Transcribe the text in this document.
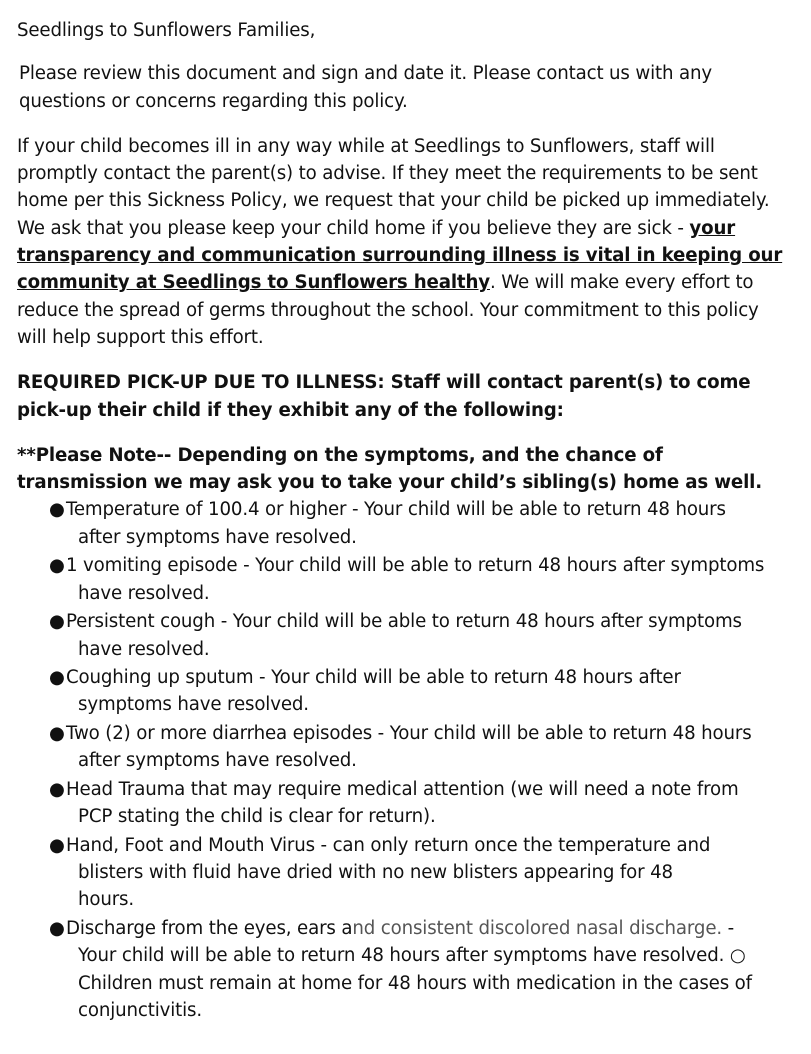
Seedlings to Sunflowers Families,

Please review this document and sign and date it. Please contact us with any questions or concerns regarding this policy.

If your child becomes ill in any way while at Seedlings to Sunflowers, staff will promptly contact the parent(s) to advise. If they meet the requirements to be sent home per this Sickness Policy, we request that your child be picked up immediately. We ask that you please keep your child home if you believe they are sick - your transparency and communication surrounding illness is vital in keeping our community at Seedlings to Sunflowers healthy. We will make every effort to reduce the spread of germs throughout the school. Your commitment to this policy will help support this effort.

REQUIRED PICK-UP DUE TO ILLNESS: Staff will contact parent(s) to come pick-up their child if they exhibit any of the following:

**Please Note-- Depending on the symptoms, and the chance of transmission we may ask you to take your child’s sibling(s) home as well.

● Temperature of 100.4 or higher - Your child will be able to return 48 hours
after symptoms have resolved.
● 1 vomiting episode - Your child will be able to return 48 hours after symptoms
have resolved.
● Persistent cough - Your child will be able to return 48 hours after symptoms
have resolved.
● Coughing up sputum - Your child will be able to return 48 hours after
symptoms have resolved.
● Two (2) or more diarrhea episodes - Your child will be able to return 48 hours
after symptoms have resolved.
● Head Trauma that may require medical attention (we will need a note from
PCP stating the child is clear for return).
● Hand, Foot and Mouth Virus - can only return once the temperature and
blisters with fluid have dried with no new blisters appearing for 48
hours.
● Discharge from the eyes, ears and consistent discolored nasal discharge. -
Your child will be able to return 48 hours after symptoms have resolved. ○
Children must remain at home for 48 hours with medication in the cases of
conjunctivitis.
